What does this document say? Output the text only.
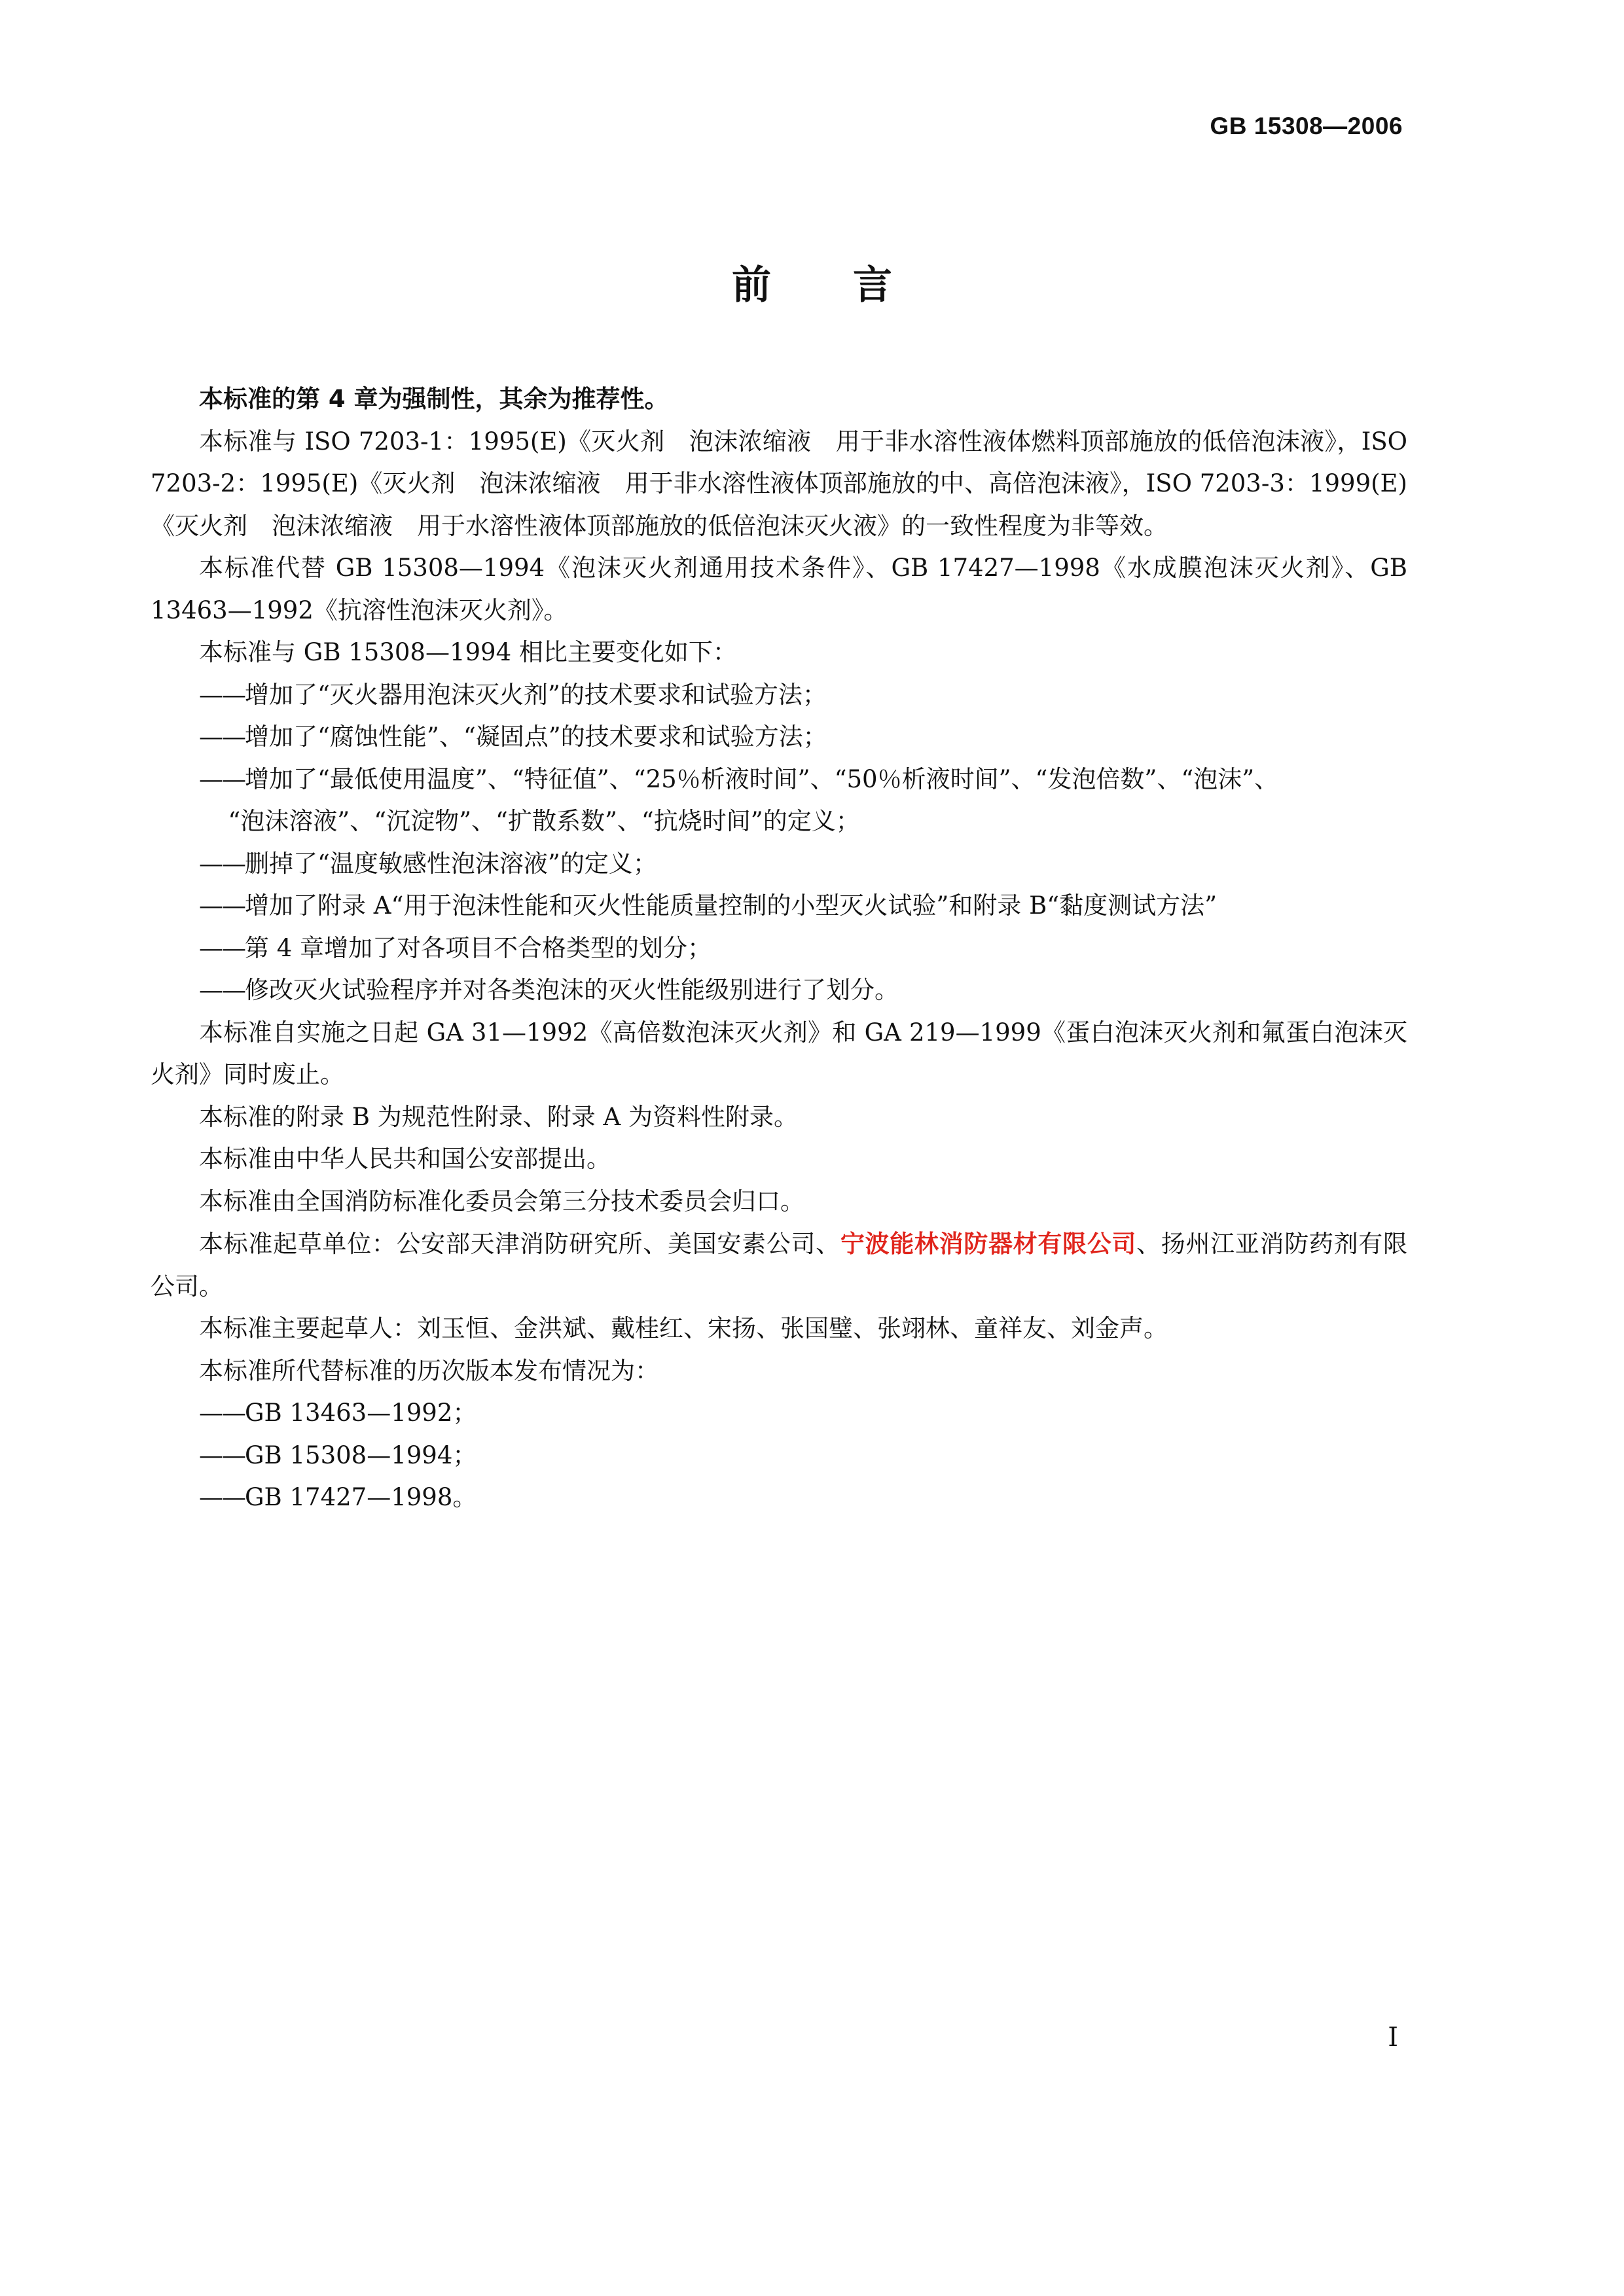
GB 15308—2006
前 言

本标准的第 4 章为强制性，其余为推荐性。

本标准与 ISO 7203-1：1995(E)《灭火剂　泡沫浓缩液　用于非水溶性液体燃料顶部施放的低倍泡沫液》，ISO 7203-2：1995(E)《灭火剂　泡沫浓缩液　用于非水溶性液体顶部施放的中、高倍泡沫液》，ISO 7203-3：1999(E)《灭火剂　泡沫浓缩液　用于水溶性液体顶部施放的低倍泡沫灭火液》的一致性程度为非等效。

本标准代替 GB 15308—1994《泡沫灭火剂通用技术条件》、GB 17427—1998《水成膜泡沫灭火剂》、GB 13463—1992《抗溶性泡沫灭火剂》。

本标准与 GB 15308—1994 相比主要变化如下：

——增加了“灭火器用泡沫灭火剂”的技术要求和试验方法；

——增加了“腐蚀性能”、“凝固点”的技术要求和试验方法；

——增加了“最低使用温度”、“特征值”、“25％析液时间”、“50％析液时间”、“发泡倍数”、“泡沫”、

“泡沫溶液”、“沉淀物”、“扩散系数”、“抗烧时间”的定义；

——删掉了“温度敏感性泡沫溶液”的定义；

——增加了附录 A“用于泡沫性能和灭火性能质量控制的小型灭火试验”和附录 B“黏度测试方法”

——第 4 章增加了对各项目不合格类型的划分；

——修改灭火试验程序并对各类泡沫的灭火性能级别进行了划分。

本标准自实施之日起 GA 31—1992《高倍数泡沫灭火剂》和 GA 219—1999《蛋白泡沫灭火剂和氟蛋白泡沫灭火剂》同时废止。

本标准的附录 B 为规范性附录、附录 A 为资料性附录。

本标准由中华人民共和国公安部提出。

本标准由全国消防标准化委员会第三分技术委员会归口。

本标准起草单位：公安部天津消防研究所、美国安素公司、宁波能林消防器材有限公司、扬州江亚消防药剂有限公司。

本标准主要起草人：刘玉恒、金洪斌、戴桂红、宋扬、张国璧、张翊林、童祥友、刘金声。

本标准所代替标准的历次版本发布情况为：

——GB 13463—1992；

——GB 15308—1994；

——GB 17427—1998。

I
